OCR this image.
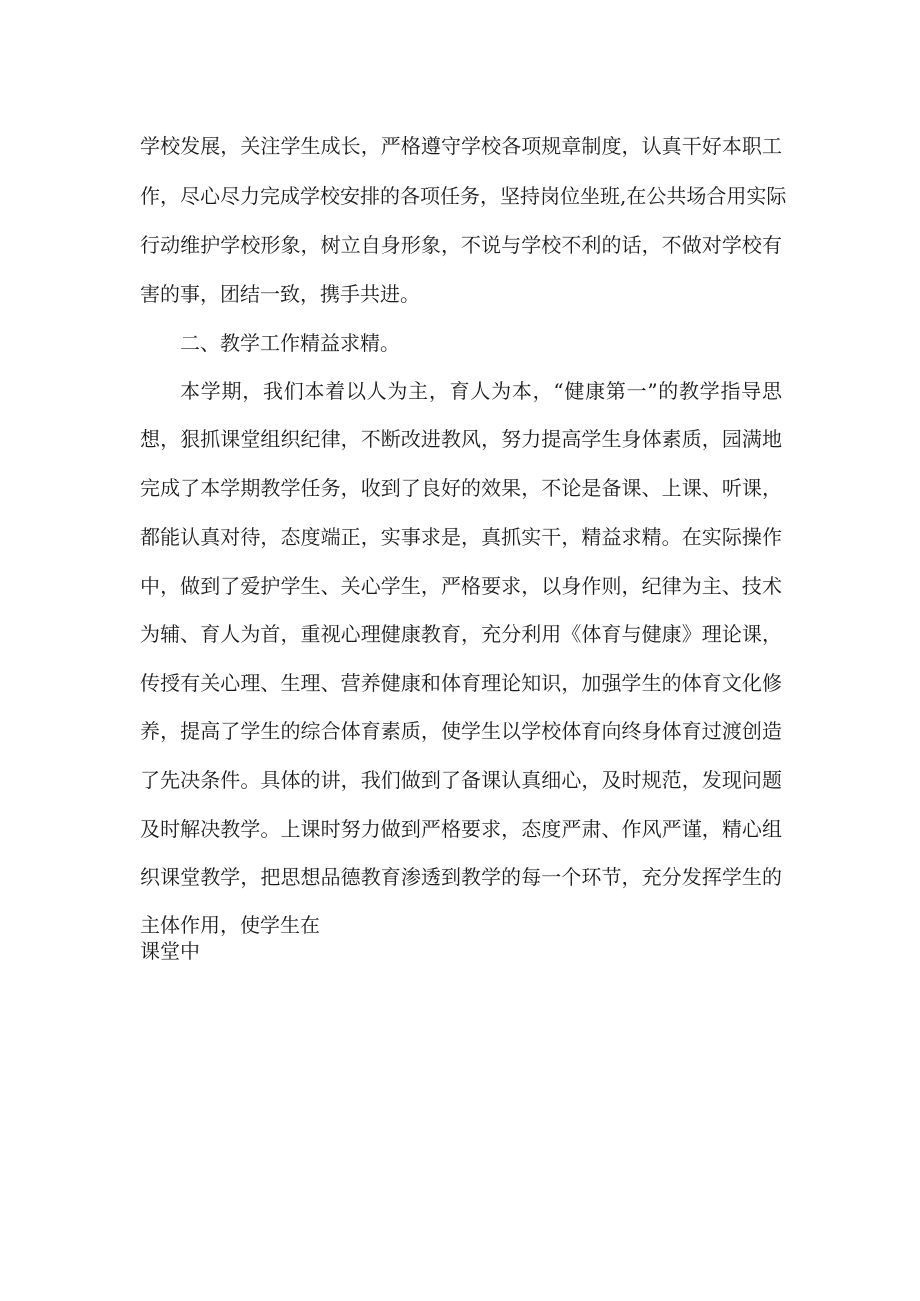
学校发展，关注学生成长，严格遵守学校各项规章制度，认真干好本职工
作，尽心尽力完成学校安排的各项任务，坚持岗位坐班,在公共场合用实际
行动维护学校形象，树立自身形象，不说与学校不利的话，不做对学校有
害的事，团结一致，携手共进。
二、教学工作精益求精。
本学期，我们本着以人为主，育人为本，“健康第一”的教学指导思
想，狠抓课堂组织纪律，不断改进教风，努力提高学生身体素质，园满地
完成了本学期教学任务，收到了良好的效果，不论是备课、上课、听课，
都能认真对待，态度端正，实事求是，真抓实干，精益求精。在实际操作
中，做到了爱护学生、关心学生，严格要求，以身作则，纪律为主、技术
为辅、育人为首，重视心理健康教育，充分利用《体育与健康》理论课，
传授有关心理、生理、营养健康和体育理论知识，加强学生的体育文化修
养，提高了学生的综合体育素质，使学生以学校体育向终身体育过渡创造
了先决条件。具体的讲，我们做到了备课认真细心，及时规范，发现问题
及时解决教学。上课时努力做到严格要求，态度严肃、作风严谨，精心组
织课堂教学，把思想品德教育渗透到教学的每一个环节，充分发挥学生的
主体作用，使学生在
课堂中
